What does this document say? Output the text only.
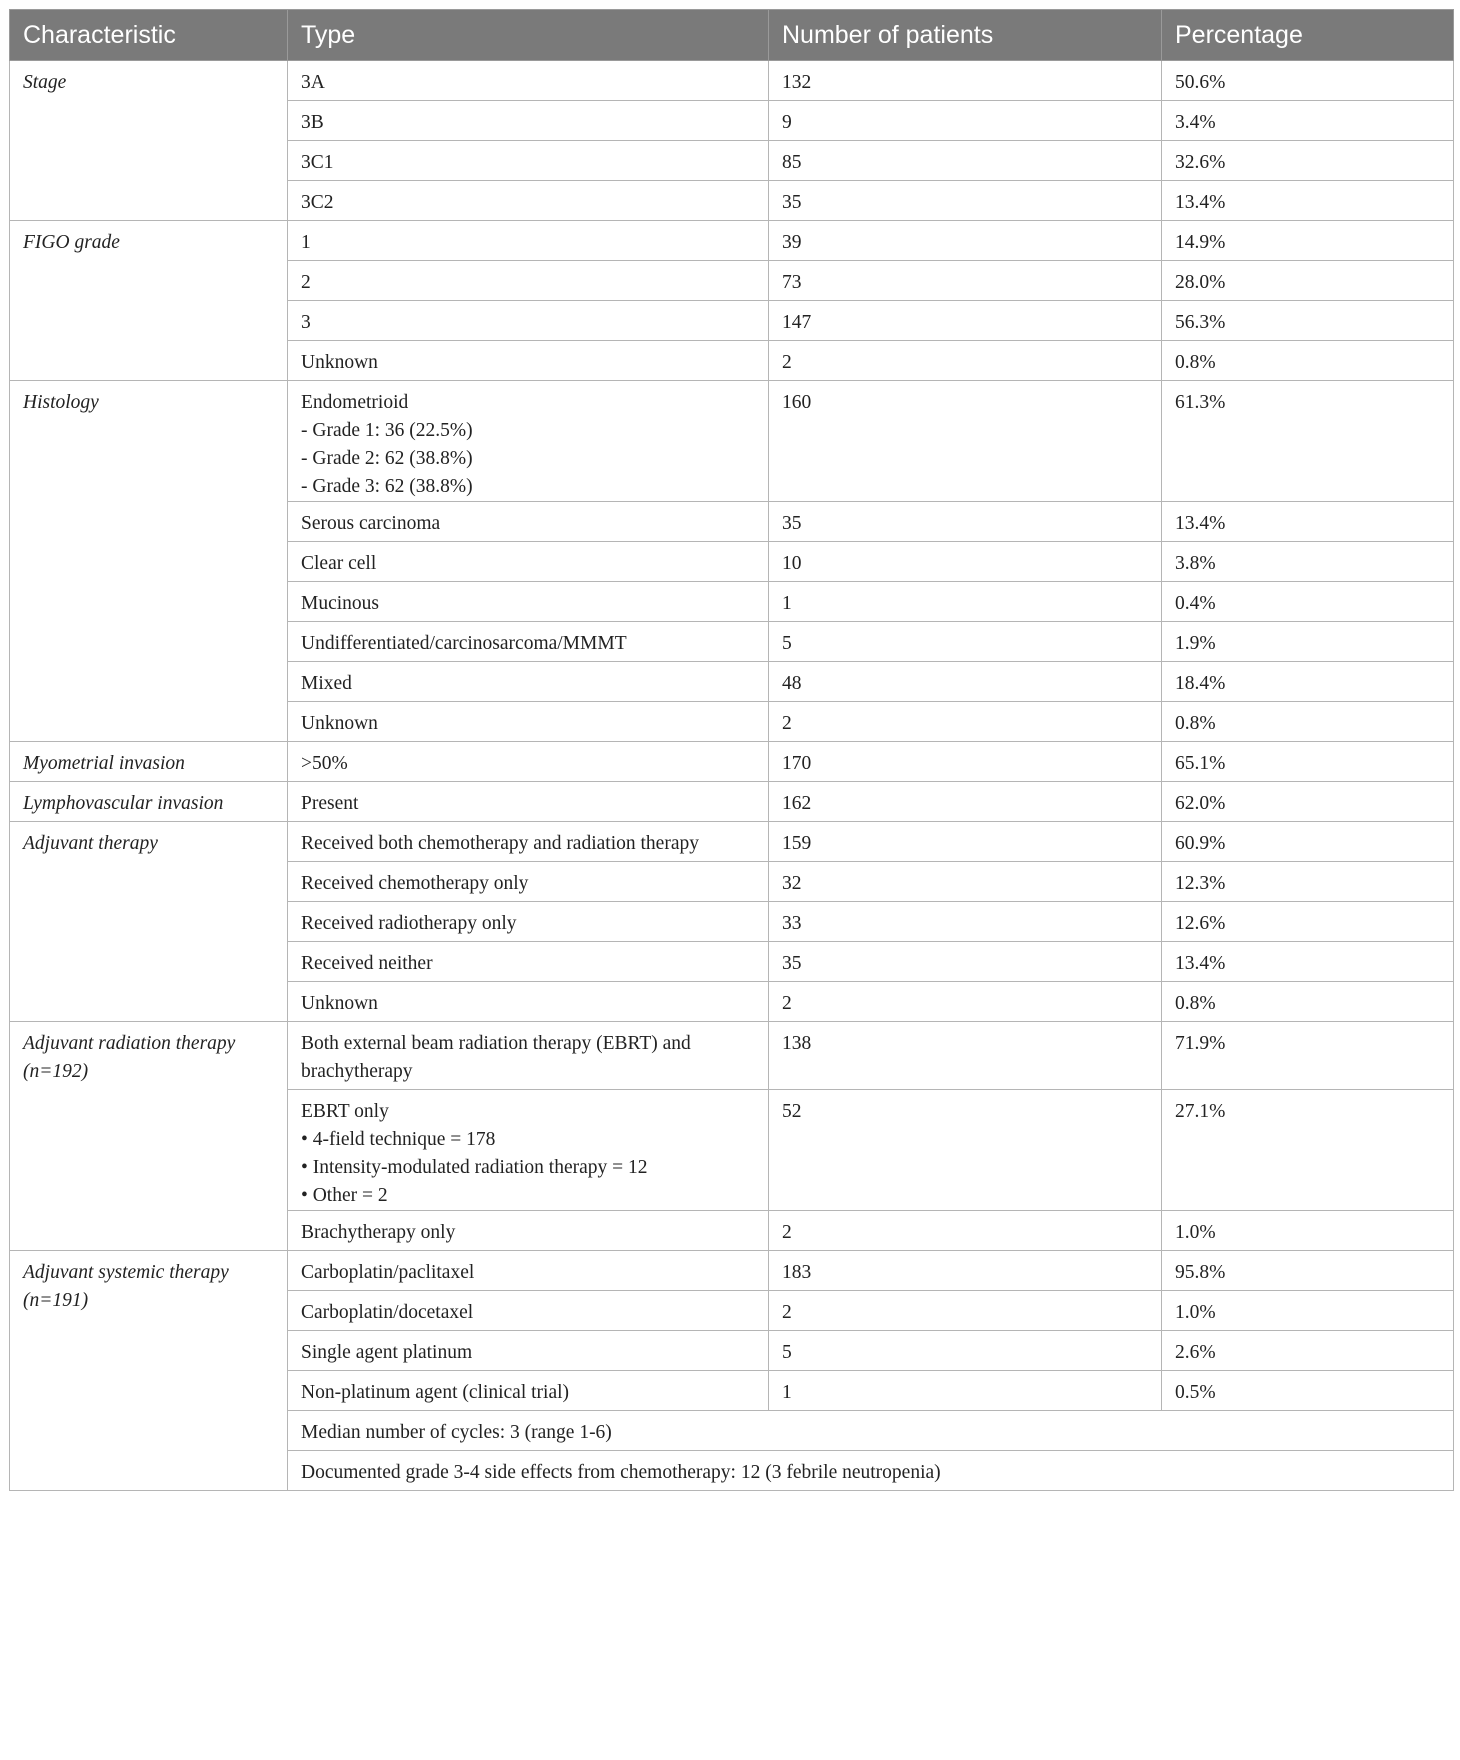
Characteristic	Type	Number of patients	Percentage
Stage	3A	132	50.6%

	3B	9	3.4%

	3C1	85	32.6%

	3C2	35	13.4%
FIGO grade	1	39	14.9%

	2	73	28.0%

	3	147	56.3%

	Unknown	2	0.8%
Histology	Endometrioid
- Grade 1: 36 (22.5%)
- Grade 2: 62 (38.8%)
- Grade 3: 62 (38.8%)	160	61.3%

	Serous carcinoma	35	13.4%

	Clear cell	10	3.8%

	Mucinous	1	0.4%

	Undifferentiated/carcinosarcoma/MMMT	5	1.9%

	Mixed	48	18.4%

	Unknown	2	0.8%
Myometrial invasion	>50%	170	65.1%
Lymphovascular invasion	Present	162	62.0%
Adjuvant therapy	Received both chemotherapy and radiation therapy	159	60.9%

	Received chemotherapy only	32	12.3%

	Received radiotherapy only	33	12.6%

	Received neither	35	13.4%

	Unknown	2	0.8%
Adjuvant radiation therapy (n=192)	Both external beam radiation therapy (EBRT) and brachytherapy	138	71.9%

	EBRT only
• 4-field technique = 178
• Intensity-modulated radiation therapy = 12
• Other = 2	52	27.1%

	Brachytherapy only	2	1.0%
Adjuvant systemic therapy (n=191)	Carboplatin/paclitaxel	183	95.8%

	Carboplatin/docetaxel	2	1.0%

	Single agent platinum	5	2.6%

	Non-platinum agent (clinical trial)	1	0.5%
	Median number of cycles: 3 (range 1-6)		
	Documented grade 3-4 side effects from chemotherapy: 12 (3 febrile neutropenia)		
